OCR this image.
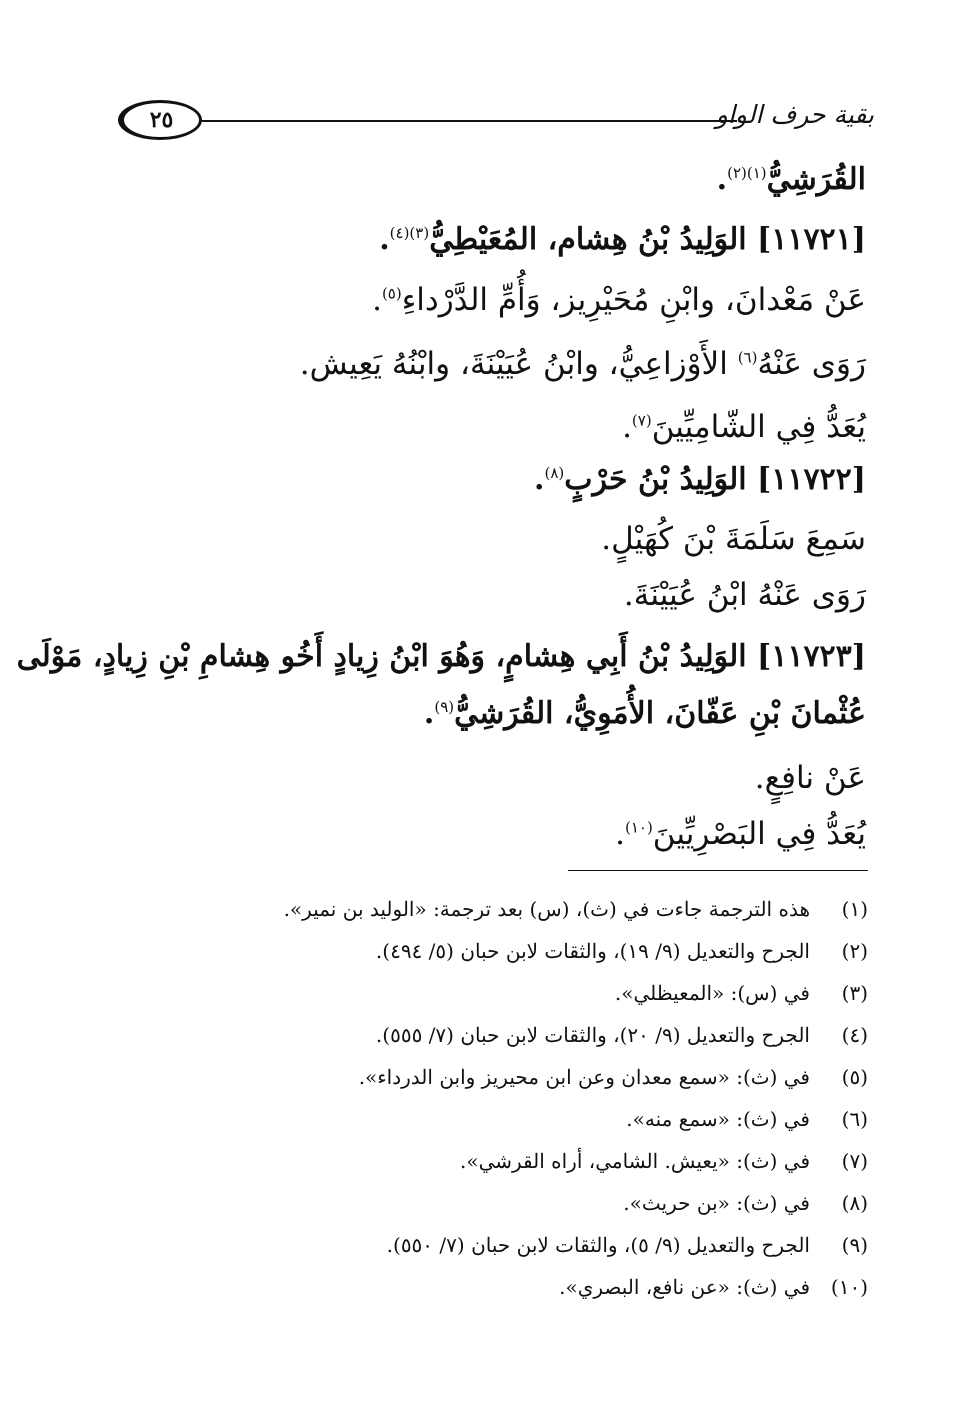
٢٥	بقية حرف الواو
القُرَشِيُّ$^{(١)(٢)}$.
[١١٧٢١] الوَلِيدُ بْنُ هِشام، المُعَيْطِيُّ$^{(٣)(٤)}$.
عَنْ مَعْدانَ، وابْنِ مُحَيْرِيز، وَأُمِّ الدَّرْداءِ$^{(٥)}$.
رَوَى عَنْهُ$^{(٦)}$ الأَوْزاعِيُّ، وابْنُ عُيَيْنَةَ، وابْنُهُ يَعِيش.
يُعَدُّ فِي الشّامِيِّينَ$^{(٧)}$.
[١١٧٢٢] الوَلِيدُ بْنُ حَرْبٍ$^{(٨)}$.
سَمِعَ سَلَمَةَ بْنَ كُهَيْلٍ.
رَوَى عَنْهُ ابْنُ عُيَيْنَةَ.
[١١٧٢٣] الوَلِيدُ بْنُ أَبِي هِشامٍ، وَهُوَ ابْنُ زِيادٍ أَخُو هِشامِ بْنِ زِيادٍ، مَوْلَى
عُثْمانَ بْنِ عَفّانَ، الأُمَوِيُّ، القُرَشِيُّ$^{(٩)}$.
عَنْ نافِعٍ.
يُعَدُّ فِي البَصْرِيِّينَ$^{(١٠)}$.
(١)هذه الترجمة جاءت في (ث)، (س) بعد ترجمة: «الوليد بن نمير».
(٢)الجرح والتعديل (٩/ ١٩)، والثقات لابن حبان (٥/ ٤٩٤).
(٣)في (س): «المعيظلي».
(٤)الجرح والتعديل (٩/ ٢٠)، والثقات لابن حبان (٧/ ٥٥٥).
(٥)في (ث): «سمع معدان وعن ابن محيريز وابن الدرداء».
(٦)في (ث): «سمع منه».
(٧)في (ث): «يعيش. الشامي، أراه القرشي».
(٨)في (ث): «بن حريث».
(٩)الجرح والتعديل (٩/ ٥)، والثقات لابن حبان (٧/ ٥٥٠).
(١٠)في (ث): «عن نافع، البصري».
